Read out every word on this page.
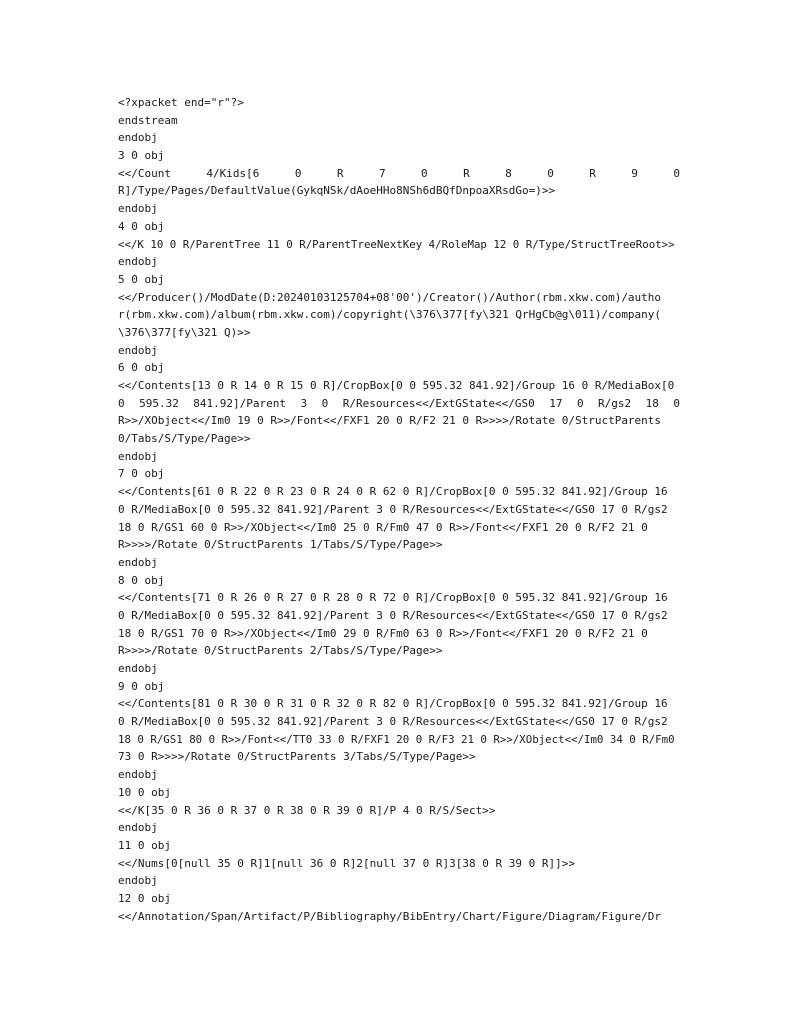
<?xpacket end="r"?>
endstream
endobj
3 0 obj
<</Count 4/Kids[6 0 R 7 0 R 8 0 R 9 0
R]/Type/Pages/DefaultValue(GykqNSk/dAoeHHo8NSh6dBQfDnpoaXRsdGo=)>>
endobj
4 0 obj
<</K 10 0 R/ParentTree 11 0 R/ParentTreeNextKey 4/RoleMap 12 0 R/Type/StructTreeRoot>>
endobj
5 0 obj
<</Producer()/ModDate(D:20240103125704+08'00')/Creator()/Author(rbm.xkw.com)/autho
r(rbm.xkw.com)/album(rbm.xkw.com)/copyright(\376\377[fy\321 QrHgCb@g\011)/company(
\376\377[fy\321 Q)>>
endobj
6 0 obj
<</Contents[13 0 R 14 0 R 15 0 R]/CropBox[0 0 595.32 841.92]/Group 16 0 R/MediaBox[0
0 595.32 841.92]/Parent 3 0 R/Resources<</ExtGState<</GS0 17 0 R/gs2 18 0
R>>/XObject<</Im0 19 0 R>>/Font<</FXF1 20 0 R/F2 21 0 R>>>>/Rotate 0/StructParents
0/Tabs/S/Type/Page>>
endobj
7 0 obj
<</Contents[61 0 R 22 0 R 23 0 R 24 0 R 62 0 R]/CropBox[0 0 595.32 841.92]/Group 16
0 R/MediaBox[0 0 595.32 841.92]/Parent 3 0 R/Resources<</ExtGState<</GS0 17 0 R/gs2
18 0 R/GS1 60 0 R>>/XObject<</Im0 25 0 R/Fm0 47 0 R>>/Font<</FXF1 20 0 R/F2 21 0
R>>>>/Rotate 0/StructParents 1/Tabs/S/Type/Page>>
endobj
8 0 obj
<</Contents[71 0 R 26 0 R 27 0 R 28 0 R 72 0 R]/CropBox[0 0 595.32 841.92]/Group 16
0 R/MediaBox[0 0 595.32 841.92]/Parent 3 0 R/Resources<</ExtGState<</GS0 17 0 R/gs2
18 0 R/GS1 70 0 R>>/XObject<</Im0 29 0 R/Fm0 63 0 R>>/Font<</FXF1 20 0 R/F2 21 0
R>>>>/Rotate 0/StructParents 2/Tabs/S/Type/Page>>
endobj
9 0 obj
<</Contents[81 0 R 30 0 R 31 0 R 32 0 R 82 0 R]/CropBox[0 0 595.32 841.92]/Group 16
0 R/MediaBox[0 0 595.32 841.92]/Parent 3 0 R/Resources<</ExtGState<</GS0 17 0 R/gs2
18 0 R/GS1 80 0 R>>/Font<</TT0 33 0 R/FXF1 20 0 R/F3 21 0 R>>/XObject<</Im0 34 0 R/Fm0
73 0 R>>>>/Rotate 0/StructParents 3/Tabs/S/Type/Page>>
endobj
10 0 obj
<</K[35 0 R 36 0 R 37 0 R 38 0 R 39 0 R]/P 4 0 R/S/Sect>>
endobj
11 0 obj
<</Nums[0[null 35 0 R]1[null 36 0 R]2[null 37 0 R]3[38 0 R 39 0 R]]>>
endobj
12 0 obj
<</Annotation/Span/Artifact/P/Bibliography/BibEntry/Chart/Figure/Diagram/Figure/Dr
